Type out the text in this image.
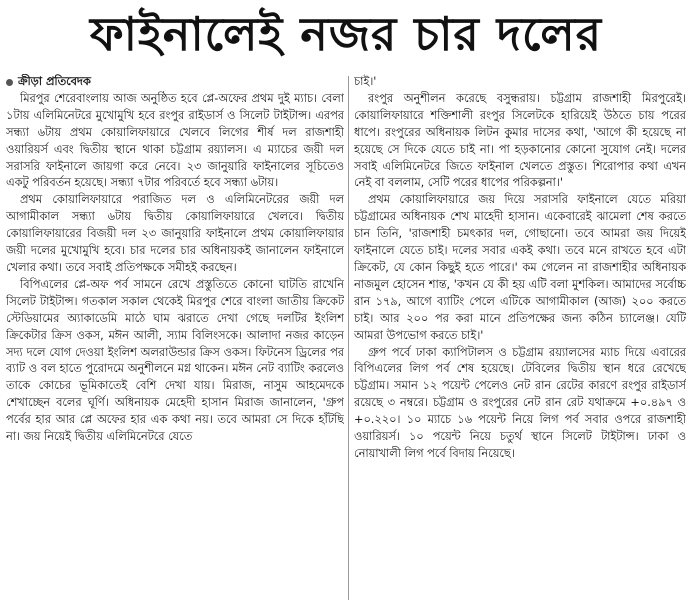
ফাইনালেই নজর চার দলের
ক্রীড়া প্রতিবেদক

মিরপুর শেরেবাংলায় আজ অনুষ্ঠিত হবে প্লে-অফের প্রথম দুই ম্যাচ। বেলা ১টায় এলিমিনেটরে মুখোমুখি হবে রংপুর রাইডার্স ও সিলেট টাইটান্স। এরপর সন্ধ্যা ৬টায় প্রথম কোয়ালিফায়ারে খেলবে লিগের শীর্ষ দল রাজশাহী ওয়ারিয়র্স এবং দ্বিতীয় স্থানে থাকা চট্টগ্রাম রয়্যালস। এ ম্যাচের জয়ী দল সরাসরি ফাইনালে জায়গা করে নেবে। ২৩ জানুয়ারি ফাইনালের সূচিতেও একটু পরিবর্তন হয়েছে। সন্ধ্যা ৭টার পরিবর্তে হবে সন্ধ্যা ৬টায়।

প্রথম কোয়ালিফায়ারে পরাজিত দল ও এলিমিনেটরের জয়ী দল আগামীকাল সন্ধ্যা ৬টায় দ্বিতীয় কোয়ালিফায়ারে খেলবে। দ্বিতীয় কোয়ালিফায়ারের বিজয়ী দল ২৩ জানুয়ারি ফাইনালে প্রথম কোয়ালিফায়ার জয়ী দলের মুখোমুখি হবে। চার দলের চার অধিনায়কই জানালেন ফাইনালে খেলার কথা। তবে সবাই প্রতিপক্ষকে সমীহই করছেন।

বিপিএলের প্লে-অফ পর্ব সামনে রেখে প্রস্তুতিতে কোনো ঘাটতি রাখেনি সিলেট টাইটান্স। গতকাল সকাল থেকেই মিরপুর শেরে বাংলা জাতীয় ক্রিকেট স্টেডিয়ামের অ্যাকাডেমি মাঠে ঘাম ঝরাতে দেখা গেছে দলটির ইংলিশ ক্রিকেটার ক্রিস ওকস, মঈন আলী, স্যাম বিলিংসকে। আলাদা নজর কাড়েন সদ্য দলে যোগ দেওয়া ইংলিশ অলরাউন্ডার ক্রিস ওকস। ফিটনেস ড্রিলের পর ব্যাট ও বল হাতে পুরোদমে অনুশীলনে মগ্ন থাকেন। মঈন নেট ব্যাটিং করলেও তাকে কোচের ভূমিকাতেই বেশি দেখা যায়। মিরাজ, নাসুম আহমেদকে শেখাচ্ছেন বলের ঘূর্ণি। অধিনায়ক মেহেদী হাসান মিরাজ জানালেন, 'গ্রুপ পর্বের হার আর প্লে অফের হার এক কথা নয়। তবে আমরা সে দিকে হাঁটছি না। জয় নিয়েই দ্বিতীয় এলিমিনেটরে যেতে

চাই।'

রংপুর অনুশীলন করেছে বসুন্ধরায়। চট্টগ্রাম রাজশাহী মিরপুরেই। কোয়ালিফায়ারে শক্তিশালী রংপুর সিলেটকে হারিয়েই উঠতে চায় পরের ধাপে। রংপুরের অধিনায়ক লিটন কুমার দাসের কথা, 'আগে কী হয়েছে না হয়েছে সে দিকে যেতে চাই না। পা হড়কানোর কোনো সুযোগ নেই। দলের সবাই এলিমিনেটরে জিতে ফাইনাল খেলতে প্রস্তুত। শিরোপার কথা এখন নেই বা বললাম, সেটি পরের ধাপের পরিকল্পনা।'

প্রথম কোয়ালিফায়ারে জয় দিয়ে সরাসরি ফাইনালে যেতে মরিয়া চট্টগ্রামের অধিনায়ক শেখ মাহেদী হাসান। একেবারেই ঝামেলা শেষ করতে চান তিনি, 'রাজশাহী চমৎকার দল, গোছানো। তবে আমরা জয় দিয়েই ফাইনালে যেতে চাই। দলের সবার একই কথা। তবে মনে রাখতে হবে এটা ক্রিকেট, যে কোন কিছুই হতে পারে।' কম গেলেন না রাজশাহীর অধিনায়ক নাজমুল হোসেন শান্ত, 'কখন যে কী হয় এটি বলা মুশকিল। আমাদের সর্বোচ্চ রান ১৭৯, আগে ব্যাটিং পেলে এটিকে আগামীকাল (আজ) ২০০ করতে চাই। আর ২০০ পর করা মানে প্রতিপক্ষের জন্য কঠিন চ্যালেঞ্জ। যেটি আমরা উপভোগ করতে চাই।'

গ্রুপ পর্বে ঢাকা ক্যাপিটালস ও চট্টগ্রাম রয়্যালসের ম্যাচ দিয়ে এবারের বিপিএলের লিগ পর্ব শেষ হয়েছে। টেবিলের দ্বিতীয় স্থান ধরে রেখেছে চট্টগ্রাম। সমান ১২ পয়েন্ট পেলেও নেট রান রেটের কারণে রংপুর রাইডার্স রয়েছে ৩ নম্বরে। চট্টগ্রাম ও রংপুরের নেট রান রেট যথাক্রমে +০.৪৯৭ ও +০.২২০। ১০ ম্যাচে ১৬ পয়েন্ট নিয়ে লিগ পর্ব সবার ওপরে রাজশাহী ওয়ারিয়র্স। ১০ পয়েন্ট নিয়ে চতুর্থ স্থানে সিলেট টাইটান্স। ঢাকা ও নোয়াখালী লিগ পর্বে বিদায় নিয়েছে।
